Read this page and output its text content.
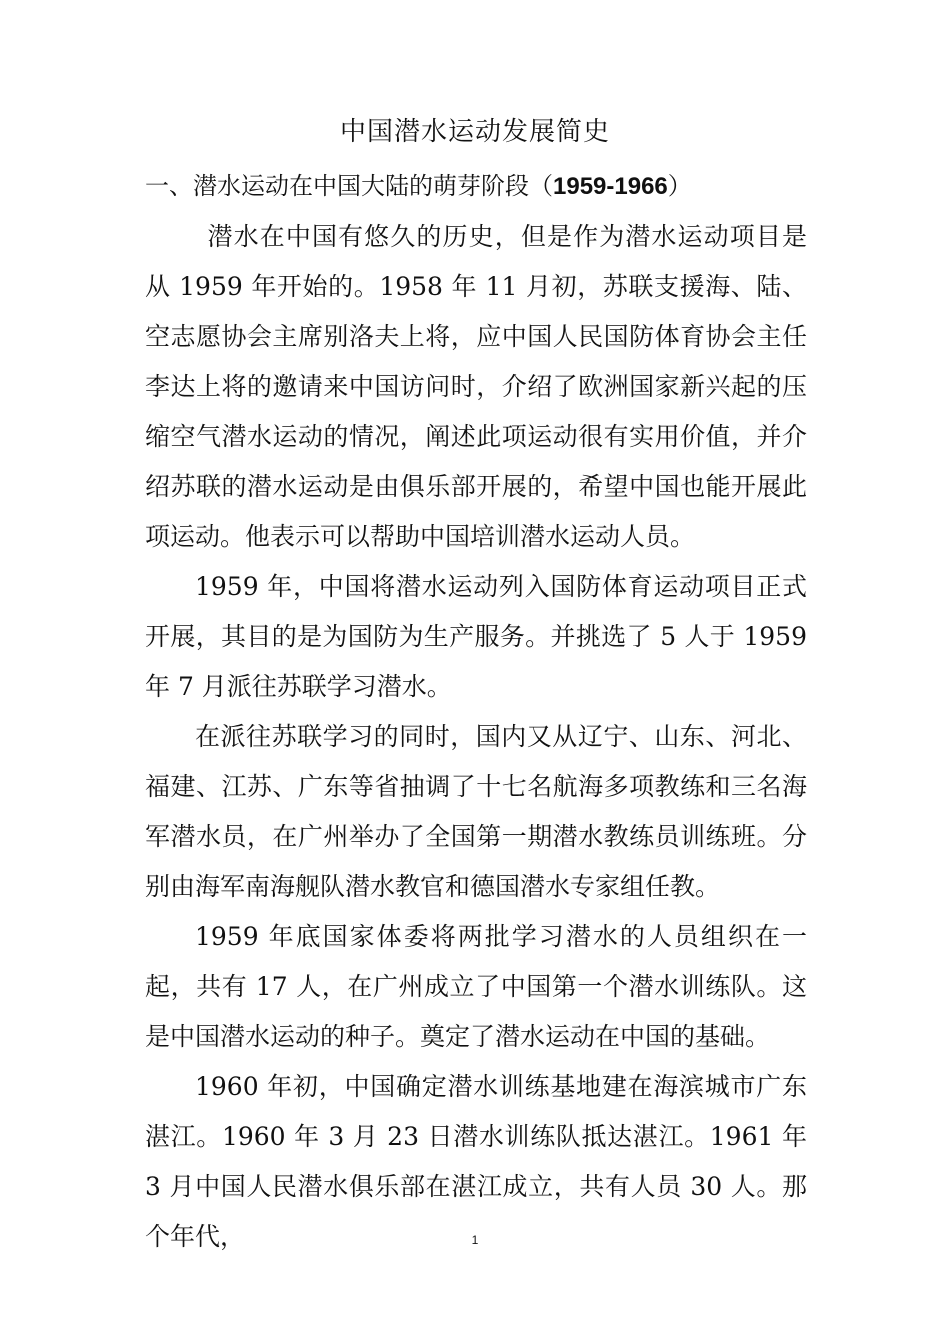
中国潜水运动发展简史
一、潜水运动在中国大陆的萌芽阶段（1959-1966）

潜水在中国有悠久的历史，但是作为潜水运动项目是从 1959 年开始的。1958 年 11 月初，苏联支援海、陆、空志愿协会主席别洛夫上将，应中国人民国防体育协会主任李达上将的邀请来中国访问时，介绍了欧洲国家新兴起的压缩空气潜水运动的情况，阐述此项运动很有实用价值，并介绍苏联的潜水运动是由俱乐部开展的，希望中国也能开展此项运动。他表示可以帮助中国培训潜水运动人员。

1959 年，中国将潜水运动列入国防体育运动项目正式开展，其目的是为国防为生产服务。并挑选了 5 人于 1959 年 7 月派往苏联学习潜水。

在派往苏联学习的同时，国内又从辽宁、山东、河北、福建、江苏、广东等省抽调了十七名航海多项教练和三名海军潜水员，在广州举办了全国第一期潜水教练员训练班。分别由海军南海舰队潜水教官和德国潜水专家组任教。

1959 年底国家体委将两批学习潜水的人员组织在一起，共有 17 人，在广州成立了中国第一个潜水训练队。这是中国潜水运动的种子。奠定了潜水运动在中国的基础。

1960 年初，中国确定潜水训练基地建在海滨城市广东湛江。1960 年 3 月 23 日潜水训练队抵达湛江。1961 年 3 月中国人民潜水俱乐部在湛江成立，共有人员 30 人。那个年代，	1
